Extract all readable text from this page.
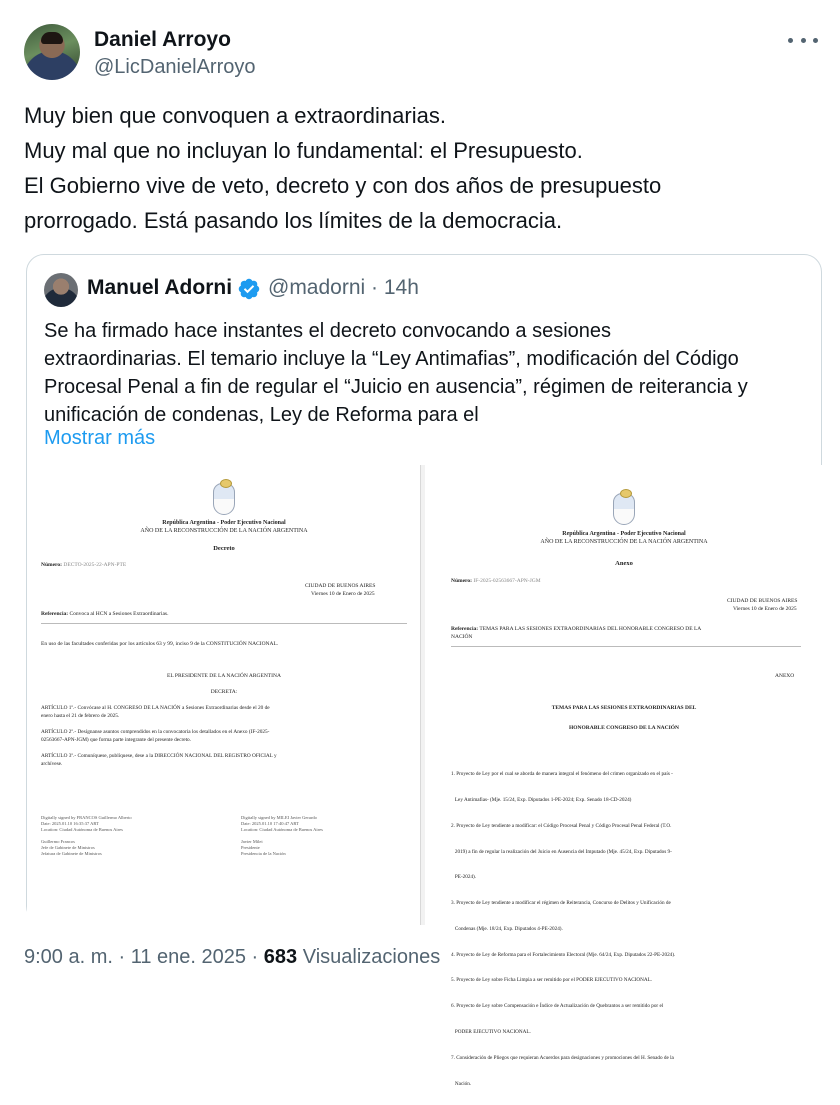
Daniel Arroyo
@LicDanielArroyo
Muy bien que convoquen a extraordinarias.
Muy mal que no incluyan lo fundamental: el Presupuesto.
El Gobierno vive de veto, decreto y con dos años de presupuesto
prorrogado. Está pasando los límites de la democracia.
Manuel Adorni @madorni · 14h
Se ha firmado hace instantes el decreto convocando a sesiones
extraordinarias. El temario incluye la “Ley Antimafias”, modificación del Código
Procesal Penal a fin de regular el “Juicio en ausencia”, régimen de reiterancia y
unificación de condenas, Ley de Reforma para el
Mostrar más
República Argentina - Poder Ejecutivo Nacional
AÑO DE LA RECONSTRUCCIÓN DE LA NACIÓN ARGENTINA
Decreto
Número: DECTO-2025-22-APN-PTE
CIUDAD DE BUENOS AIRES
Viernes 10 de Enero de 2025
Referencia: Convoca al HCN a Sesiones Extraordinarias.
En uso de las facultades conferidas por los artículos 63 y 99, inciso 9 de la CONSTITUCIÓN NACIONAL.
EL PRESIDENTE DE LA NACIÓN ARGENTINA
DECRETA:
ARTÍCULO 1º.- Convócase al H. CONGRESO DE LA NACIÓN a Sesiones Extraordinarias desde el 20 de
enero hasta el 21 de febrero de 2025.
ARTÍCULO 2º.- Desígnanse asuntos comprendidos en la convocatoria los detallados en el Anexo (IF-2025-
02563667-APN-JGM) que forma parte integrante del presente decreto.
ARTÍCULO 3º.- Comuníquese, publíquese, dese a la DIRECCIÓN NACIONAL DEL REGISTRO OFICIAL y
archívese.
Digitally signed by FRANCOS Guillermo Alberto
Date: 2025.01.10 16:35:37 ART
Location: Ciudad Autónoma de Buenos Aires

Guillermo Francos
Jefe de Gabinete de Ministros
Jefatura de Gabinete de Ministros
Digitally signed by MILEI Javier Gerardo
Date: 2025.01.10 17:40:47 ART
Location: Ciudad Autónoma de Buenos Aires

Javier Milei
Presidente
Presidencia de la Nación
República Argentina - Poder Ejecutivo Nacional
AÑO DE LA RECONSTRUCCIÓN DE LA NACIÓN ARGENTINA
Anexo
Número: IF-2025-02563667-APN-JGM
CIUDAD DE BUENOS AIRES
Viernes 10 de Enero de 2025
Referencia: TEMAS PARA LAS SESIONES EXTRAORDINARIAS DEL HONORABLE CONGRESO DE LA
NACIÓN
ANEXO
TEMAS PARA LAS SESIONES EXTRAORDINARIAS DEL
HONORABLE CONGRESO DE LA NACIÓN

1. Proyecto de Ley por el cual se aborda de manera integral el fenómeno del crimen organizado en el país -

Ley Antimafias- (Mje. 15/24, Exp. Diputados 1-PE-2024; Exp. Senado 18-CD-2024)

2. Proyecto de Ley tendiente a modificar: el Código Procesal Penal y Código Procesal Penal Federal (T.O.

2019) a fin de regular la realización del Juicio en Ausencia del Imputado (Mje. 45/24, Exp. Diputados 9-

PE-2024).

3. Proyecto de Ley tendiente a modificar el régimen de Reiterancia, Concurso de Delitos y Unificación de

Condenas (Mje. 18/24, Exp. Diputados 4-PE-2024).

4. Proyecto de Ley de Reforma para el Fortalecimiento Electoral (Mje. 64/24, Exp. Diputados 22-PE-2024).

5. Proyecto de Ley sobre Ficha Limpia a ser remitido por el PODER EJECUTIVO NACIONAL.

6. Proyecto de Ley sobre Compensación e Índice de Actualización de Quebrantos a ser remitido por el

PODER EJECUTIVO NACIONAL.

7. Consideración de Pliegos que requieran Acuerdos para designaciones y promociones del H. Senado de la

Nación.

9:00 a. m. · 11 ene. 2025 · 683 Visualizaciones
